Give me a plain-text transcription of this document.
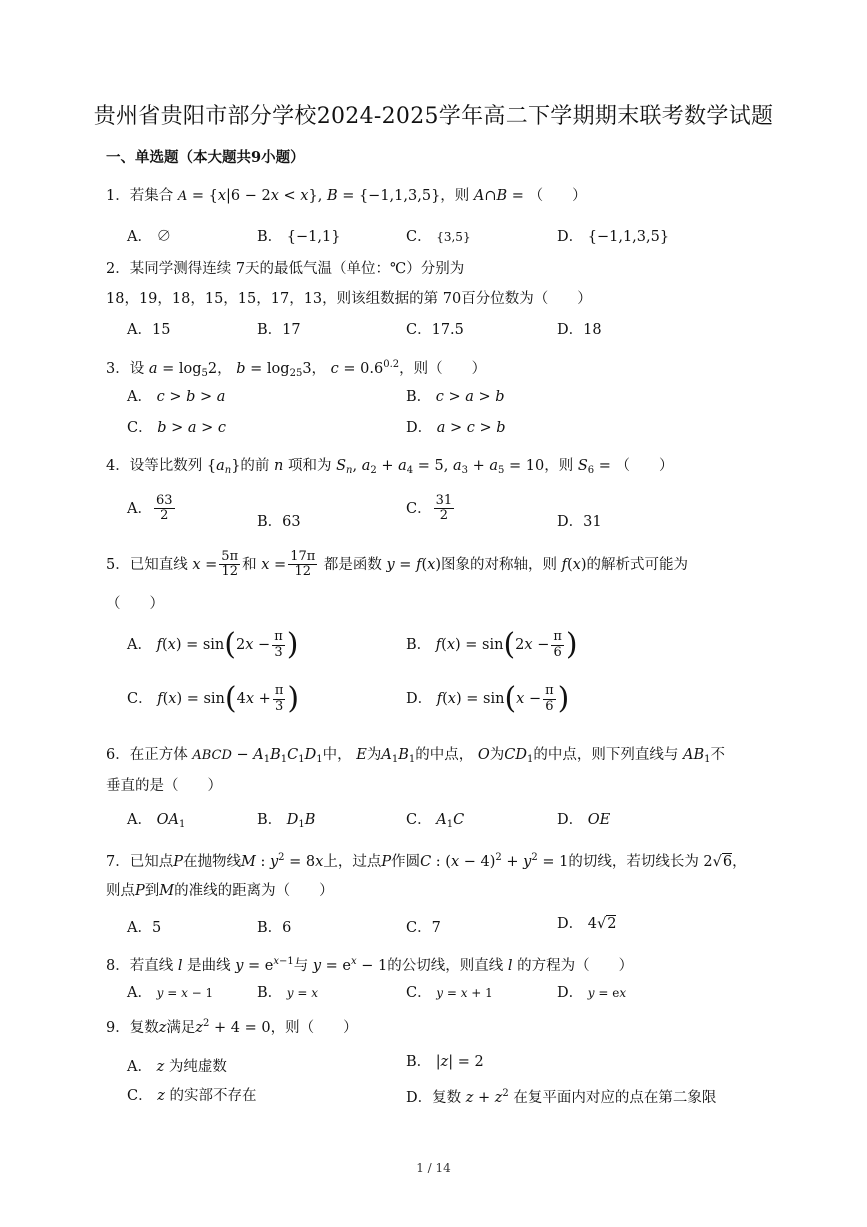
贵州省贵阳市部分学校2024-2025学年高二下学期期末联考数学试题
一、单选题（本大题共9小题）
1．若集合 A = {x|6 − 2x < x}, B = {−1,1,3,5}，则 A∩B = （　　）
A． ∅	B． {−1,1}	C． {3,5}	D． {−1,1,3,5}
2．某同学测得连续 7天的最低气温（单位：℃）分别为
18，19，18，15，15，17，13，则该组数据的第 70百分位数为（　　）
A．15	B．17	C．17.5	D．18
3．设 $a = \log_52$， $b = \log_{25}3$， $c = 0.6^{0.2}$，则（　　）
A． c > b > a	B． c > a > b
C． b > a > c	D． a > c > b
4．设等比数列 $\{a_n\}$的前 n 项和为 $S_n$, $a_2 + a_4 = 5$, $a_3 + a_5 = 10$，则 $S_6$ = （　　）
A． $\frac{63}{2}$	B．63
C． $\frac{31}{2}$	D．31
5．已知直线 $x = \frac{5\pi}{12}$ 和 $x = \frac{17\pi}{12}$ 都是函数 y = f(x)图象的对称轴，则 f(x)的解析式可能为
（　　）
A． $f(x) = \sin(2x - \frac{\pi}{3}$ )	B． $f(x) = \sin(2x - \frac{\pi}{6}$ )
C． $f(x) = \sin(4x + \frac{\pi}{3}$ )	D． $f(x) = \sin(x - \frac{\pi}{6}$ )
6．在正方体 ABCD − $A_1B_1C_1D_1$中， E为$A_1B_1$的中点， O为$CD_1$的中点，则下列直线与 $AB_1$不
垂直的是（　　）
A． $OA_1$	B． $D_1B$	C． $A_1C$	D． OE
7．已知点P在抛物线M : $y^2 = 8x$上，过点P作圆C : $(x - 4)^2 + y^2 = 1$的切线，若切线长为 2√6，
则点P到M的准线的距离为（　　）
A．5	B．6	C．7	D． 4√2
8．若直线 l 是曲线 $y = e^{x-1}$与 $y = e^x - 1$的公切线，则直线 l 的方程为（　　）
A． y = x − 1	B． y = x	C． y = x + 1	D． y = ex
9．复数z满足$z^2 + 4 = 0$，则（　　）
A． z 为纯虚数	B． |z| = 2
C． z 的实部不存在	D．复数 $z + z^2$ 在复平面内对应的点在第二象限
1 / 14
